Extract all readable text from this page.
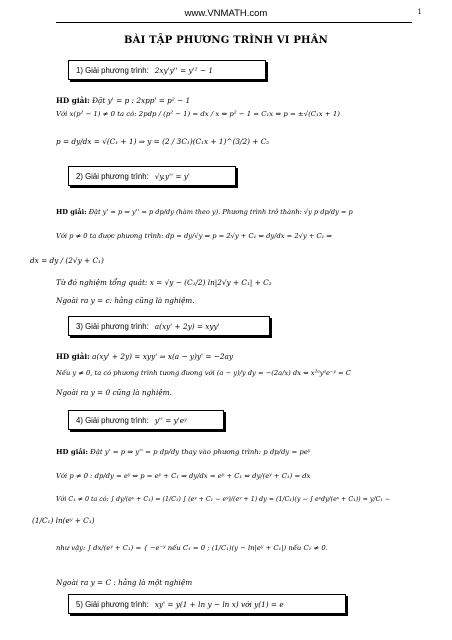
www.VNMATH.com	1
BÀI TẬP PHƯƠNG TRÌNH VI PHÂN
1) Giải phương trình: 2xy'y'' = y'² − 1
HD giải: Đặt y' = p : 2xpp' = p² − 1
Với x(p² − 1) ≠ 0 ta có: 2pdp / (p² − 1) = dx / x ⇔ p² − 1 = C₁x ⇔ p = ±√(C₁x + 1)
p = dy/dx = √(C₁ + 1) ⇒ y = (2 / 3C₁)(C₁x + 1)^(3/2) + C₂
2) Giải phương trình: √y.y'' = y'
HD giải: Đặt y' = p ⇒ y'' = p dp/dy (hàm theo y). Phương trình trở thành: √y p dp/dy = p
Với p ≠ 0 ta được phương trình: dp = dy/√y ⇒ p = 2√y + C₁ ⇔ dy/dx = 2√y + C₁ ⇒
dx = dy / (2√y + C₁)
Từ đó nghiệm tổng quát: x = √y − (C₁/2) ln|2√y + C₁| + C₂
Ngoài ra y = c: hằng cũng là nghiệm.
3) Giải phương trình: a(xy' + 2y) = xyy'
HD giải: a(xy' + 2y) = xyy' ⇒ x(a − y)y' = −2ay
Nếu y ≠ 0, ta có phương trình tương đương với (a − y)/y dy = −(2a/x) dx ⇔ x²ᵃyᵃe⁻ʸ = C
Ngoài ra y = 0 cũng là nghiệm.
4) Giải phương trình: y'' = y'eʸ
HD giải: Đặt y' = p ⇒ y'' = p dp/dy thay vào phương trình: p dp/dy = peʸ
Với p ≠ 0 : dp/dy = eʸ ⇔ p = eʸ + C₁ ⇒ dy/dx = eʸ + C₁ ⇔ dy/(eʸ + C₁) = dx
Với C₁ ≠ 0 ta có: ∫ dy/(eʸ + C₁) = (1/C₁) ∫ (eʸ + C₁ − eʸ)/(eʸ + 1) dy = (1/C₁)(y − ∫ eʸdy/(eʸ + C₁)) = y/C₁ −
(1/C₁) ln(eʸ + C₁)
như vậy: ∫ dx/(eʸ + C₁) = { −e⁻ʸ nếu C₁ = 0 ; (1/C₁)(y − ln|eʸ + C₁|) nếu C₁ ≠ 0.
Ngoài ra y = C : hằng là một nghiệm
5) Giải phương trình: xy' = y(1 + ln y − ln x) với y(1) = e
